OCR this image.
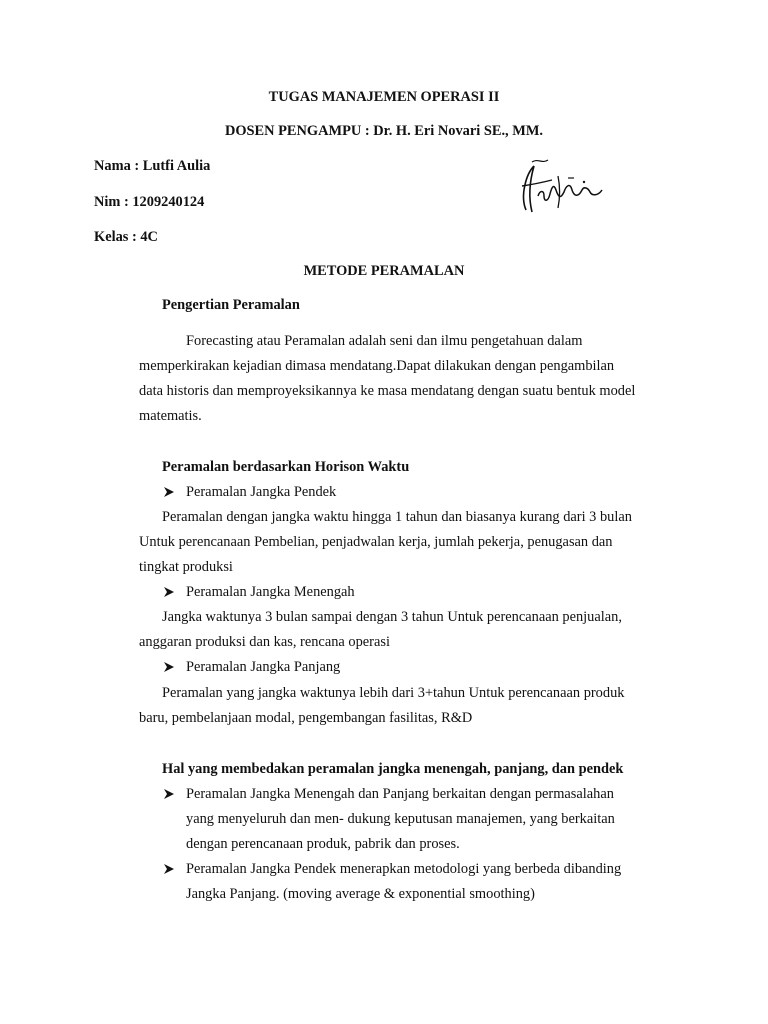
TUGAS MANAJEMEN OPERASI II
DOSEN PENGAMPU : Dr. H. Eri Novari SE., MM.
Nama : Lutfi Aulia
Nim : 1209240124
Kelas : 4C
METODE PERAMALAN
Pengertian Peramalan
Forecasting atau Peramalan adalah seni dan ilmu pengetahuan dalam
memperkirakan kejadian dimasa mendatang.Dapat dilakukan dengan pengambilan
data historis dan memproyeksikannya ke masa mendatang dengan suatu bentuk model
matematis.
Peramalan berdasarkan Horison Waktu
Peramalan Jangka Pendek
Peramalan dengan jangka waktu hingga 1 tahun dan biasanya kurang dari 3 bulan
Untuk perencanaan Pembelian, penjadwalan kerja, jumlah pekerja, penugasan dan
tingkat produksi
Peramalan Jangka Menengah
Jangka waktunya 3 bulan sampai dengan 3 tahun Untuk perencanaan penjualan,
anggaran produksi dan kas, rencana operasi
Peramalan Jangka Panjang
Peramalan yang jangka waktunya lebih dari 3+tahun Untuk perencanaan produk
baru, pembelanjaan modal, pengembangan fasilitas, R&D
Hal yang membedakan peramalan jangka menengah, panjang, dan pendek
Peramalan Jangka Menengah dan Panjang berkaitan dengan permasalahan
yang menyeluruh dan men- dukung keputusan manajemen, yang berkaitan
dengan perencanaan produk, pabrik dan proses.
Peramalan Jangka Pendek menerapkan metodologi yang berbeda dibanding
Jangka Panjang. (moving average & exponential smoothing)
